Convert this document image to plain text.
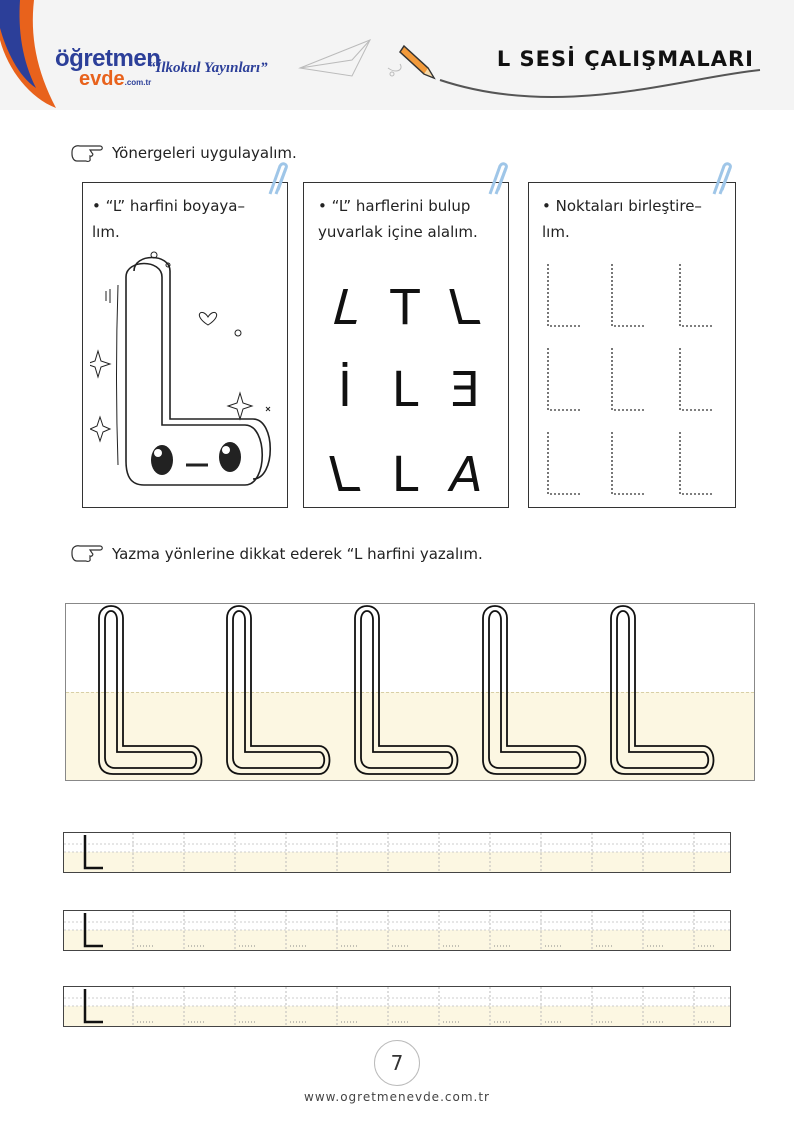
öğretmen
evde.com.tr
“İlkokul Yayınları”	L SESİ ÇALIŞMALARI
Yönergeleri uygulayalım.
• “L” harfini boyaya–
lım.
• “L” harflerini bulup
yuvarlak içine alalım.
L T L
İ L Ǝ
L L A
• Noktaları birleştire–
lım.
Yazma yönlerine dikkat ederek “L harfini yazalım.
7
www.ogretmenevde.com.tr
